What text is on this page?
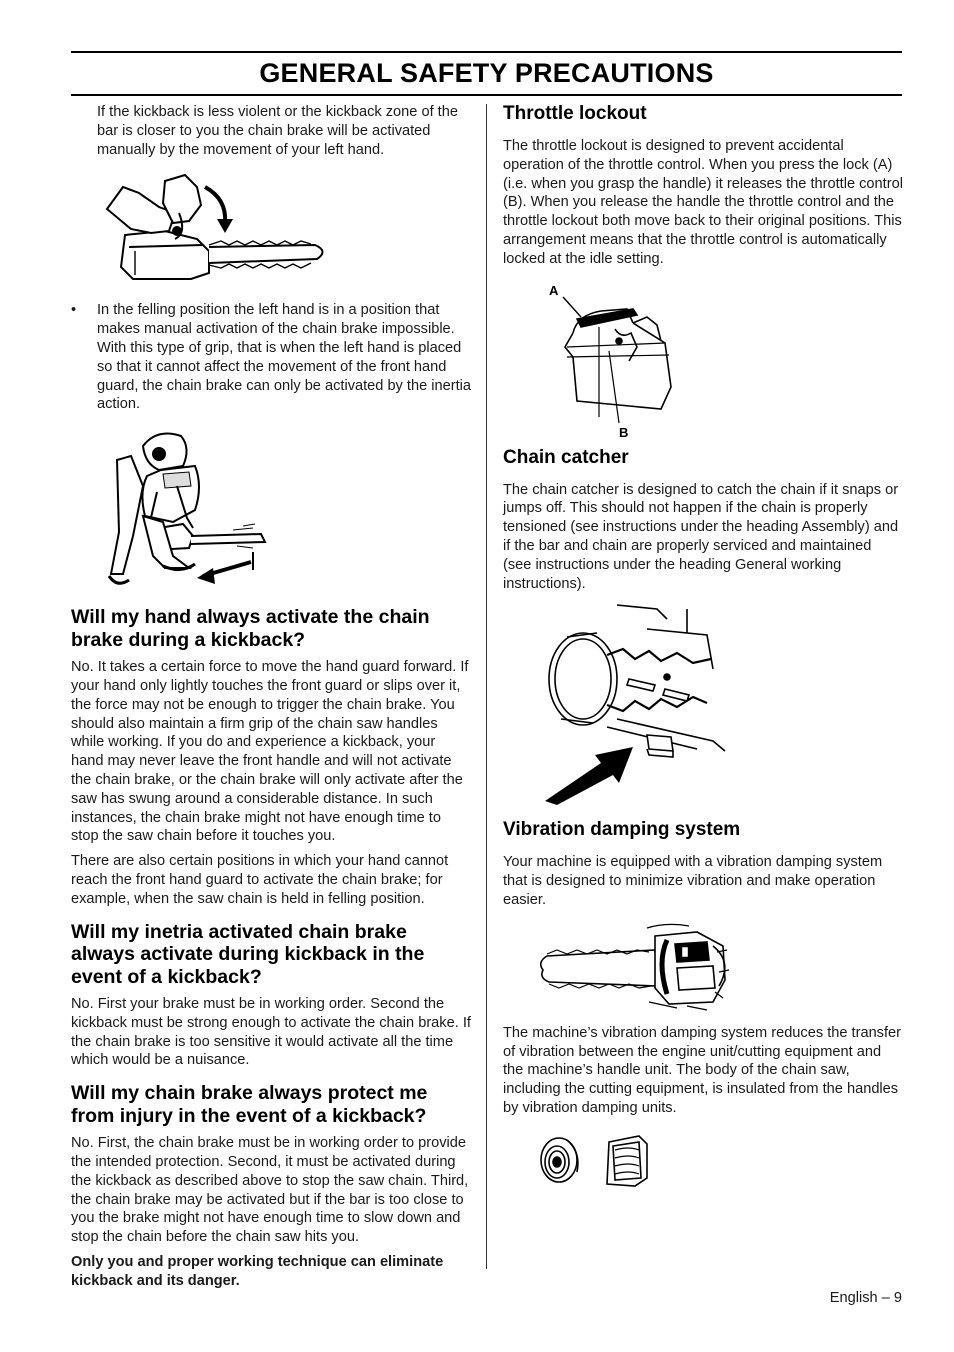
GENERAL SAFETY PRECAUTIONS

If the kickback is less violent or the kickback zone of the bar is closer to you the chain brake will be activated manually by the movement of your left hand.

• In the felling position the left hand is in a position that makes manual activation of the chain brake impossible. With this type of grip, that is when the left hand is placed so that it cannot affect the movement of the front hand guard, the chain brake can only be activated by the inertia action.

Will my hand always activate the chain brake during a kickback?

No. It takes a certain force to move the hand guard forward. If your hand only lightly touches the front guard or slips over it, the force may not be enough to trigger the chain brake. You should also maintain a firm grip of the chain saw handles while working. If you do and experience a kickback, your hand may never leave the front handle and will not activate the chain brake, or the chain brake will only activate after the saw has swung around a considerable distance. In such instances, the chain brake might not have enough time to stop the saw chain before it touches you.

There are also certain positions in which your hand cannot reach the front hand guard to activate the chain brake; for example, when the saw chain is held in felling position.

Will my inetria activated chain brake always activate during kickback in the event of a kickback?

No. First your brake must be in working order. Second the kickback must be strong enough to activate the chain brake. If the chain brake is too sensitive it would activate all the time which would be a nuisance.

Will my chain brake always protect me from injury in the event of a kickback?

No. First, the chain brake must be in working order to provide the intended protection. Second, it must be activated during the kickback as described above to stop the saw chain. Third, the chain brake may be activated but if the bar is too close to you the brake might not have enough time to slow down and stop the chain before the chain saw hits you.

Only you and proper working technique can eliminate kickback and its danger.

Throttle lockout

The throttle lockout is designed to prevent accidental operation of the throttle control. When you press the lock (A) (i.e. when you grasp the handle) it releases the throttle control (B). When you release the handle the throttle control and the throttle lockout both move back to their original positions. This arrangement means that the throttle control is automatically locked at the idle setting.

A
B
Chain catcher

The chain catcher is designed to catch the chain if it snaps or jumps off. This should not happen if the chain is properly tensioned (see instructions under the heading Assembly) and if the bar and chain are properly serviced and maintained (see instructions under the heading General working instructions).

Vibration damping system

Your machine is equipped with a vibration damping system that is designed to minimize vibration and make operation easier.

The machine’s vibration damping system reduces the transfer of vibration between the engine unit/cutting equipment and the machine’s handle unit. The body of the chain saw, including the cutting equipment, is insulated from the handles by vibration damping units.

English – 9
